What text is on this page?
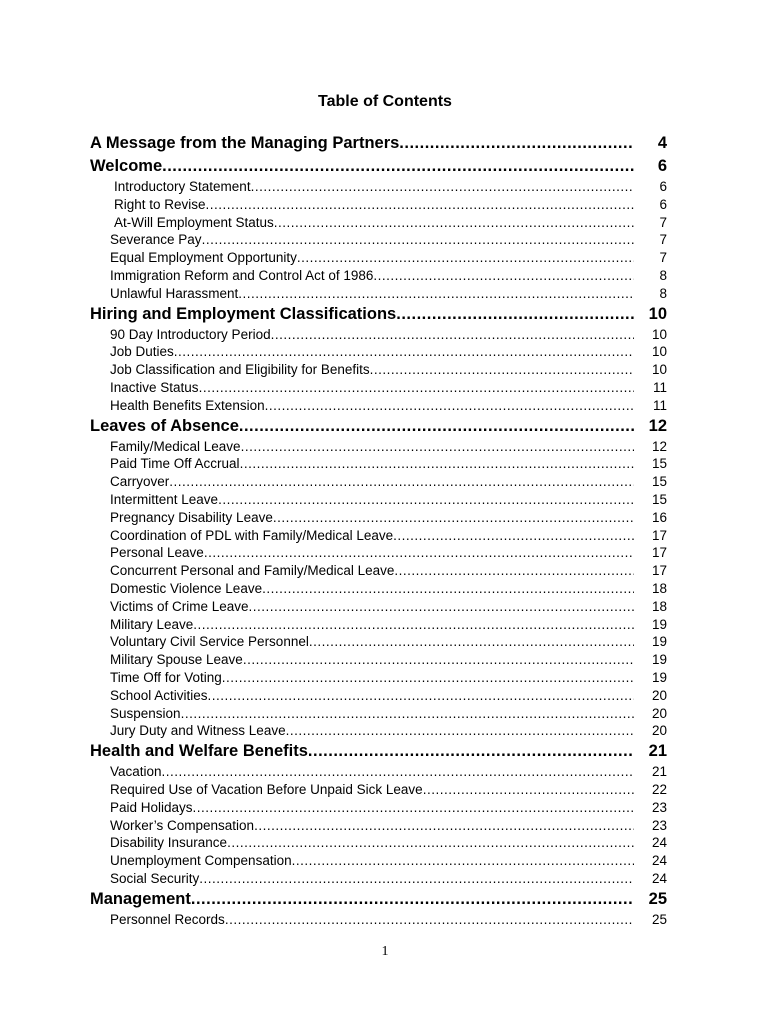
Table of Contents
A Message from the Managing Partners .....	4
Welcome .....	6
Introductory Statement .....	6
Right to Revise .....	6
At-Will Employment Status .....	7
Severance Pay .....	7
Equal Employment Opportunity .....	7
Immigration Reform and Control Act of 1986 .....	8
Unlawful Harassment .....	8
Hiring and Employment Classifications .....	10
90 Day Introductory Period .....	10
Job Duties .....	10
Job Classification and Eligibility for Benefits .....	10
Inactive Status .....	11
Health Benefits Extension .....	11
Leaves of Absence .....	12
Family/Medical Leave .....	12
Paid Time Off Accrual .....	15
Carryover .....	15
Intermittent Leave .....	15
Pregnancy Disability Leave .....	16
Coordination of PDL with Family/Medical Leave .....	17
Personal Leave .....	17
Concurrent Personal and Family/Medical Leave .....	17
Domestic Violence Leave .....	18
Victims of Crime Leave .....	18
Military Leave .....	19
Voluntary Civil Service Personnel .....	19
Military Spouse Leave .....	19
Time Off for Voting .....	19
School Activities .....	20
Suspension .....	20
Jury Duty and Witness Leave .....	20
Health and Welfare Benefits .....	21
Vacation .....	21
Required Use of Vacation Before Unpaid Sick Leave .....	22
Paid Holidays .....	23
Worker’s Compensation .....	23
Disability Insurance .....	24
Unemployment Compensation .....	24
Social Security .....	24
Management .....	25
Personnel Records .....	25
1
